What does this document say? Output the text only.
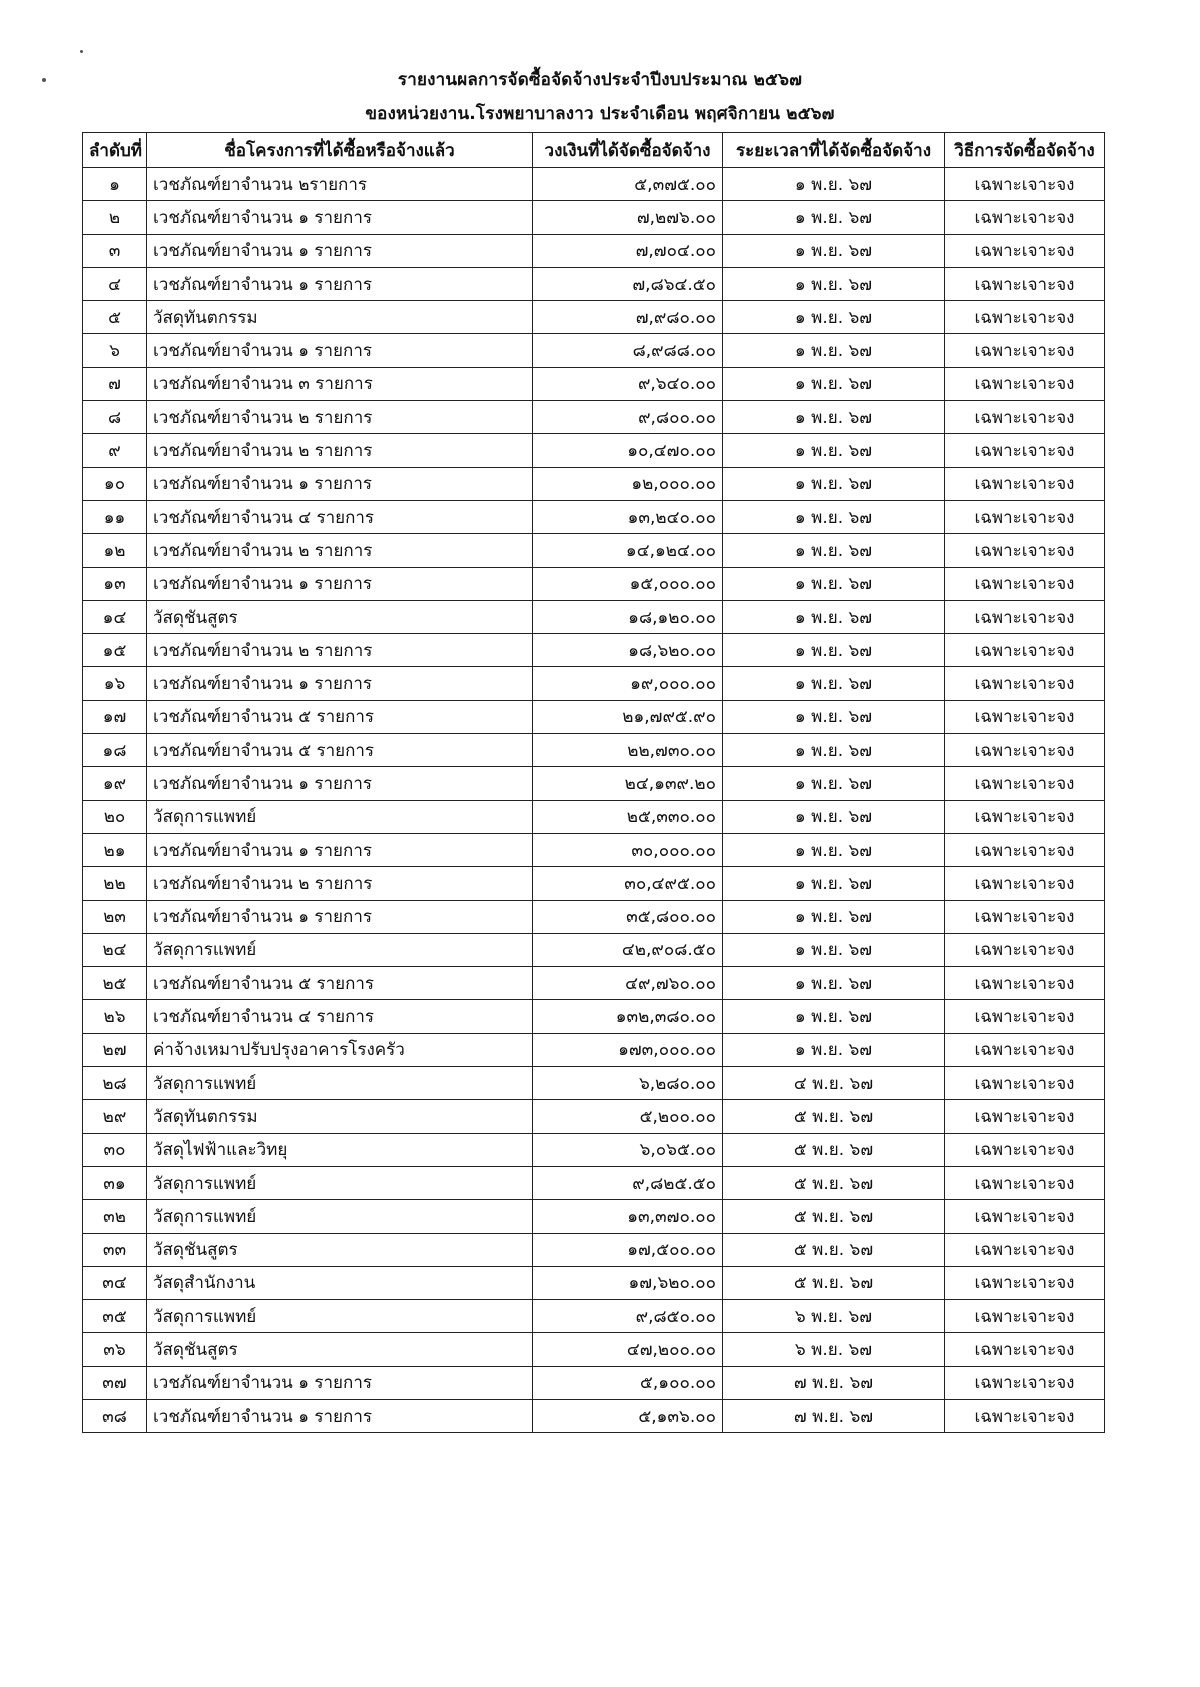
รายงานผลการจัดซื้อจัดจ้างประจำปีงบประมาณ ๒๕๖๗
ของหน่วยงาน.โรงพยาบาลงาว ประจำเดือน พฤศจิกายน ๒๕๖๗
ลำดับที่	ชื่อโครงการที่ได้ซื้อหรือจ้างแล้ว	วงเงินที่ได้จัดซื้อจัดจ้าง	ระยะเวลาที่ได้จัดซื้อจัดจ้าง	วิธีการจัดซื้อจัดจ้าง
๑	เวชภัณฑ์ยาจำนวน ๒รายการ	๕,๓๗๕.๐๐	๑ พ.ย. ๖๗	เฉพาะเจาะจง
๒	เวชภัณฑ์ยาจำนวน ๑ รายการ	๗,๒๗๖.๐๐	๑ พ.ย. ๖๗	เฉพาะเจาะจง
๓	เวชภัณฑ์ยาจำนวน ๑ รายการ	๗,๗๐๔.๐๐	๑ พ.ย. ๖๗	เฉพาะเจาะจง
๔	เวชภัณฑ์ยาจำนวน ๑ รายการ	๗,๘๖๔.๕๐	๑ พ.ย. ๖๗	เฉพาะเจาะจง
๕	วัสดุทันตกรรม	๗,๙๘๐.๐๐	๑ พ.ย. ๖๗	เฉพาะเจาะจง
๖	เวชภัณฑ์ยาจำนวน ๑ รายการ	๘,๙๘๘.๐๐	๑ พ.ย. ๖๗	เฉพาะเจาะจง
๗	เวชภัณฑ์ยาจำนวน ๓ รายการ	๙,๖๔๐.๐๐	๑ พ.ย. ๖๗	เฉพาะเจาะจง
๘	เวชภัณฑ์ยาจำนวน ๒ รายการ	๙,๘๐๐.๐๐	๑ พ.ย. ๖๗	เฉพาะเจาะจง
๙	เวชภัณฑ์ยาจำนวน ๒ รายการ	๑๐,๔๗๐.๐๐	๑ พ.ย. ๖๗	เฉพาะเจาะจง
๑๐	เวชภัณฑ์ยาจำนวน ๑ รายการ	๑๒,๐๐๐.๐๐	๑ พ.ย. ๖๗	เฉพาะเจาะจง
๑๑	เวชภัณฑ์ยาจำนวน ๔ รายการ	๑๓,๒๔๐.๐๐	๑ พ.ย. ๖๗	เฉพาะเจาะจง
๑๒	เวชภัณฑ์ยาจำนวน ๒ รายการ	๑๔,๑๒๔.๐๐	๑ พ.ย. ๖๗	เฉพาะเจาะจง
๑๓	เวชภัณฑ์ยาจำนวน ๑ รายการ	๑๕,๐๐๐.๐๐	๑ พ.ย. ๖๗	เฉพาะเจาะจง
๑๔	วัสดุชันสูตร	๑๘,๑๒๐.๐๐	๑ พ.ย. ๖๗	เฉพาะเจาะจง
๑๕	เวชภัณฑ์ยาจำนวน ๒ รายการ	๑๘,๖๒๐.๐๐	๑ พ.ย. ๖๗	เฉพาะเจาะจง
๑๖	เวชภัณฑ์ยาจำนวน ๑ รายการ	๑๙,๐๐๐.๐๐	๑ พ.ย. ๖๗	เฉพาะเจาะจง
๑๗	เวชภัณฑ์ยาจำนวน ๕ รายการ	๒๑,๗๙๕.๙๐	๑ พ.ย. ๖๗	เฉพาะเจาะจง
๑๘	เวชภัณฑ์ยาจำนวน ๕ รายการ	๒๒,๗๓๐.๐๐	๑ พ.ย. ๖๗	เฉพาะเจาะจง
๑๙	เวชภัณฑ์ยาจำนวน ๑ รายการ	๒๔,๑๓๙.๒๐	๑ พ.ย. ๖๗	เฉพาะเจาะจง
๒๐	วัสดุการแพทย์	๒๕,๓๓๐.๐๐	๑ พ.ย. ๖๗	เฉพาะเจาะจง
๒๑	เวชภัณฑ์ยาจำนวน ๑ รายการ	๓๐,๐๐๐.๐๐	๑ พ.ย. ๖๗	เฉพาะเจาะจง
๒๒	เวชภัณฑ์ยาจำนวน ๒ รายการ	๓๐,๔๙๕.๐๐	๑ พ.ย. ๖๗	เฉพาะเจาะจง
๒๓	เวชภัณฑ์ยาจำนวน ๑ รายการ	๓๕,๘๐๐.๐๐	๑ พ.ย. ๖๗	เฉพาะเจาะจง
๒๔	วัสดุการแพทย์	๔๒,๙๐๘.๕๐	๑ พ.ย. ๖๗	เฉพาะเจาะจง
๒๕	เวชภัณฑ์ยาจำนวน ๕ รายการ	๔๙,๗๖๐.๐๐	๑ พ.ย. ๖๗	เฉพาะเจาะจง
๒๖	เวชภัณฑ์ยาจำนวน ๔ รายการ	๑๓๒,๓๘๐.๐๐	๑ พ.ย. ๖๗	เฉพาะเจาะจง
๒๗	ค่าจ้างเหมาปรับปรุงอาคารโรงครัว	๑๗๓,๐๐๐.๐๐	๑ พ.ย. ๖๗	เฉพาะเจาะจง
๒๘	วัสดุการแพทย์	๖,๒๘๐.๐๐	๔ พ.ย. ๖๗	เฉพาะเจาะจง
๒๙	วัสดุทันตกรรม	๕,๒๐๐.๐๐	๕ พ.ย. ๖๗	เฉพาะเจาะจง
๓๐	วัสดุไฟฟ้าและวิทยุ	๖,๐๖๕.๐๐	๕ พ.ย. ๖๗	เฉพาะเจาะจง
๓๑	วัสดุการแพทย์	๙,๘๒๕.๕๐	๕ พ.ย. ๖๗	เฉพาะเจาะจง
๓๒	วัสดุการแพทย์	๑๓,๓๗๐.๐๐	๕ พ.ย. ๖๗	เฉพาะเจาะจง
๓๓	วัสดุชันสูตร	๑๗,๕๐๐.๐๐	๕ พ.ย. ๖๗	เฉพาะเจาะจง
๓๔	วัสดุสำนักงาน	๑๗,๖๒๐.๐๐	๕ พ.ย. ๖๗	เฉพาะเจาะจง
๓๕	วัสดุการแพทย์	๙,๘๕๐.๐๐	๖ พ.ย. ๖๗	เฉพาะเจาะจง
๓๖	วัสดุชันสูตร	๔๗,๒๐๐.๐๐	๖ พ.ย. ๖๗	เฉพาะเจาะจง
๓๗	เวชภัณฑ์ยาจำนวน ๑ รายการ	๕,๑๐๐.๐๐	๗ พ.ย. ๖๗	เฉพาะเจาะจง
๓๘	เวชภัณฑ์ยาจำนวน ๑ รายการ	๕,๑๓๖.๐๐	๗ พ.ย. ๖๗	เฉพาะเจาะจง
